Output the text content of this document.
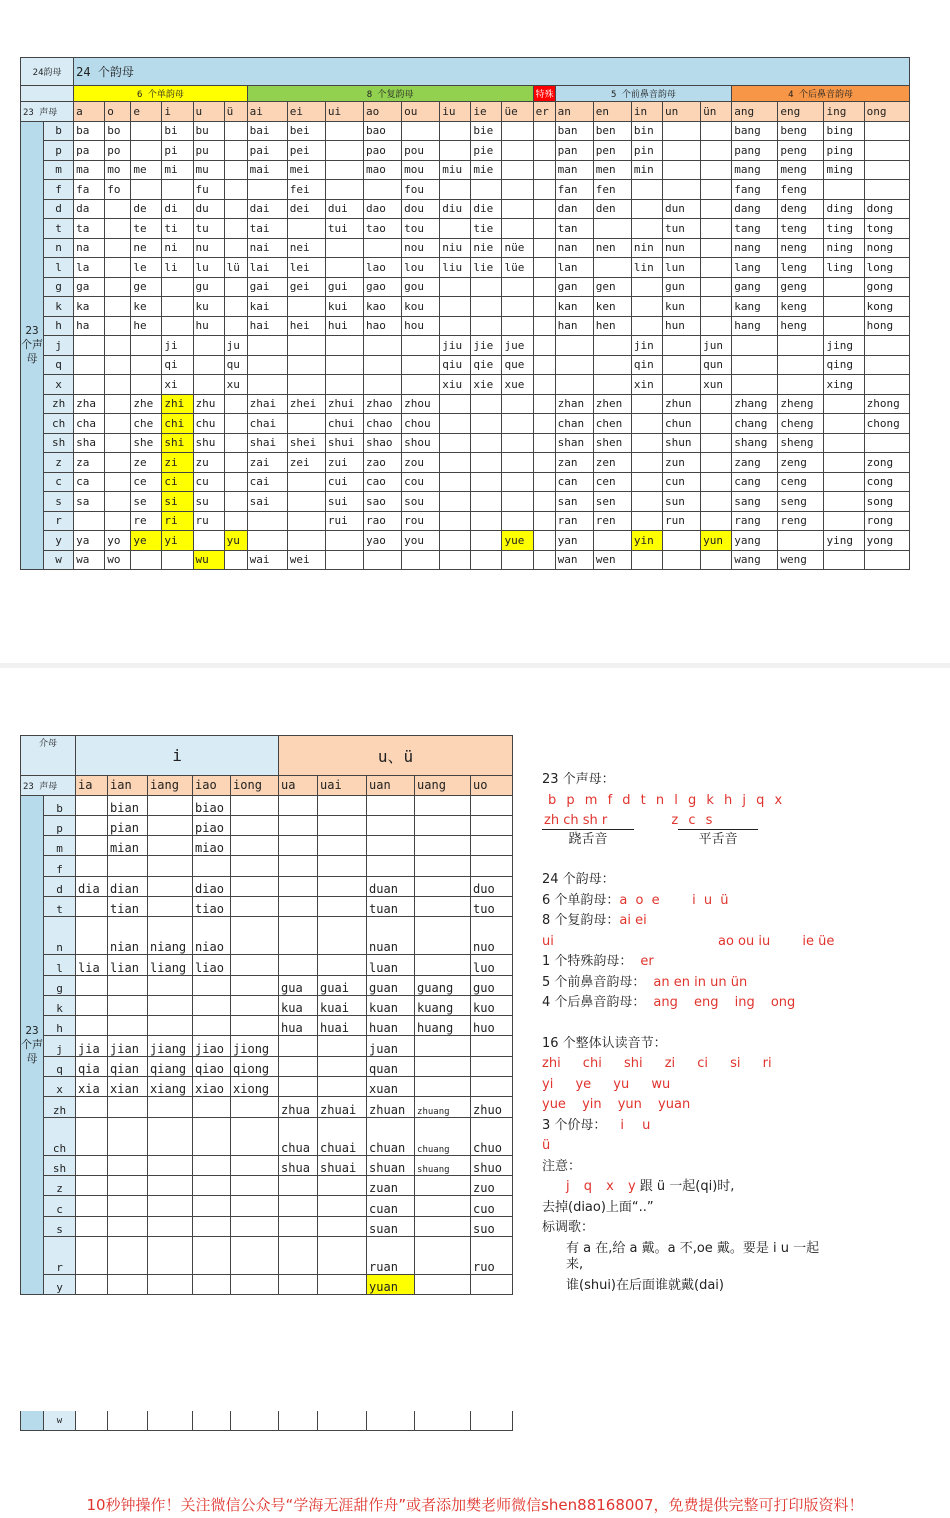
24韵母		24 个韵母																							
		6 个单韵母						8 个复韵母								特殊	5 个前鼻音韵母					4 个后鼻音韵母			
23 声母		a	o	e	i	u	ü	ai	ei	ui	ao	ou	iu	ie	üe	er	an	en	in	un	ün	ang	eng	ing	ong
23个声母	b	ba	bo		bi	bu		bai	bei		bao			bie			ban	ben	bin			bang	beng	bing	
	p	pa	po		pi	pu		pai	pei		pao	pou		pie			pan	pen	pin			pang	peng	ping	
	m	ma	mo	me	mi	mu		mai	mei		mao	mou	miu	mie			man	men	min			mang	meng	ming	
	f	fa	fo			fu			fei			fou					fan	fen				fang	feng		
	d	da		de	di	du		dai	dei	dui	dao	dou	diu	die			dan	den		dun		dang	deng	ding	dong
	t	ta		te	ti	tu		tai		tui	tao	tou		tie			tan			tun		tang	teng	ting	tong
	n	na		ne	ni	nu		nai	nei			nou	niu	nie	nüe		nan	nen	nin	nun		nang	neng	ning	nong
	l	la		le	li	lu	lü	lai	lei		lao	lou	liu	lie	lüe		lan		lin	lun		lang	leng	ling	long
	g	ga		ge		gu		gai	gei	gui	gao	gou					gan	gen		gun		gang	geng		gong
	k	ka		ke		ku		kai		kui	kao	kou					kan	ken		kun		kang	keng		kong
	h	ha		he		hu		hai	hei	hui	hao	hou					han	hen		hun		hang	heng		hong
	j				ji		ju						jiu	jie	jue				jin		jun			jing	
	q				qi		qu						qiu	qie	que				qin		qun			qing	
	x				xi		xu						xiu	xie	xue				xin		xun			xing	
	zh	zha		zhe	zhi	zhu		zhai	zhei	zhui	zhao	zhou					zhan	zhen		zhun		zhang	zheng		zhong
	ch	cha		che	chi	chu		chai		chui	chao	chou					chan	chen		chun		chang	cheng		chong
	sh	sha		she	shi	shu		shai	shei	shui	shao	shou					shan	shen		shun		shang	sheng		
	z	za		ze	zi	zu		zai	zei	zui	zao	zou					zan	zen		zun		zang	zeng		zong
	c	ca		ce	ci	cu		cai		cui	cao	cou					can	cen		cun		cang	ceng		cong
	s	sa		se	si	su		sai		sui	sao	sou					san	sen		sun		sang	seng		song
	r			re	ri	ru				rui	rao	rou					ran	ren		run		rang	reng		rong
	y	ya	yo	ye	yi		yu				yao	you			yue		yan		yin		yun	yang		ying	yong
	w	wa	wo			wu		wai	wei								wan	wen				wang	weng		
介母		i					u、ü				
23 声母		ia	ian	iang	iao	iong	ua	uai	uan	uang	uo
23个声母	b		bian		biao						
	p		pian		piao						
	m		mian		miao						
	f										
	d	dia	dian		diao				duan		duo
	t		tian		tiao				tuan		tuo
	n		nian	niang	niao				nuan		nuo
	l	lia	lian	liang	liao				luan		luo
	g						gua	guai	guan	guang	guo
	k						kua	kuai	kuan	kuang	kuo
	h						hua	huai	huan	huang	huo
	j	jia	jian	jiang	jiao	jiong			juan		
	q	qia	qian	qiang	qiao	qiong			quan		
	x	xia	xian	xiang	xiao	xiong			xuan		
	zh						zhua	zhuai	zhuan	zhuang	zhuo
	ch						chua	chuai	chuan	chuang	chuo
	sh						shua	shuai	shuan	shuang	shuo
	z								zuan		zuo
	c								cuan		cuo
	s								suan		suo
	r								ruan		ruo
	y								yuan		
23 个声母：
b p m f d t n l g k h j q x
zh ch sh r	z c s
跷舌音	平舌音
24 个韵母：
6 个单韵母：a o e    i u ü
8 个复韵母：ai ei
ui	ao ou iu ie üe
1 个特殊韵母： er
5 个前鼻音韵母： an en in un ün
4 个后鼻音韵母： ang eng ing ong
16 个整体认读音节：
zhi chi shi zi ci si ri
yi ye yu wu
yue yin yun yuan
3 个价母： i u
ü
注意：
j q x y 跟 ü 一起(qi)时,
去掉(diao)上面“..”
标调歌：
有 a 在,给 a 戴。a 不,oe 戴。要是 i u 一起
来,
谁(shui)在后面谁就戴(dai)
	w										
10秒钟操作！关注微信公众号“学海无涯甜作舟”或者添加樊老师微信shen88168007，免费提供完整可打印版资料！
